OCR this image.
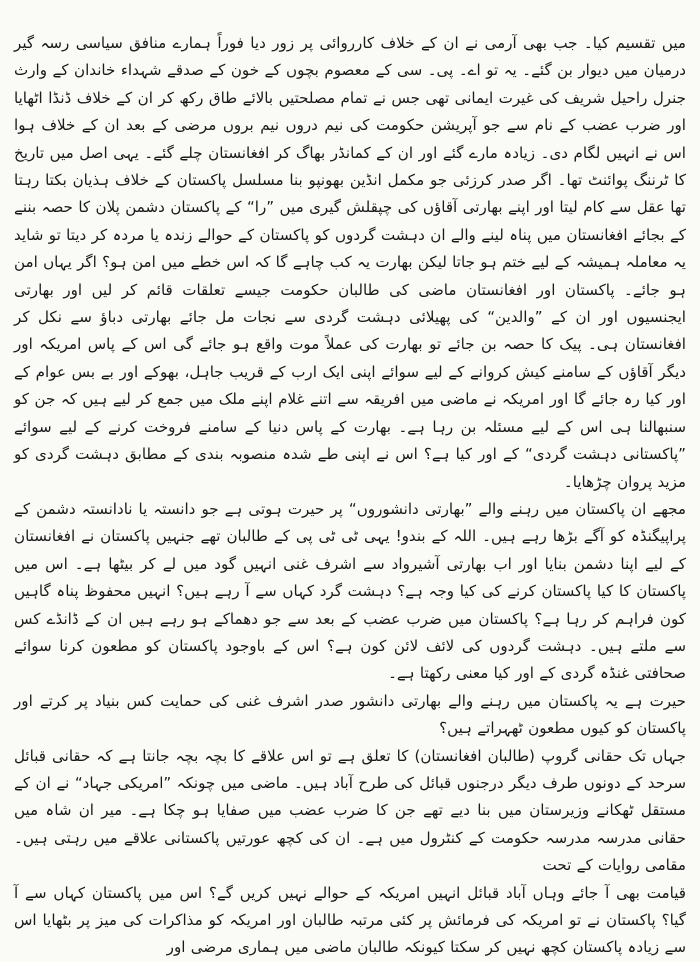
میں تقسیم کیا۔ جب بھی آرمی نے ان کے خلاف کارروائی پر زور دیا فوراً ہمارے منافق سیاسی رسہ گیر درمیان میں دیوار بن گئے۔ یہ تو اے۔ پی۔ سی کے معصوم بچوں کے خون کے صدقے شہداء خاندان کے وارث جنرل راحیل شریف کی غیرت ایمانی تھی جس نے تمام مصلحتیں بالائے طاق رکھ کر ان کے خلاف ڈنڈا اٹھایا اور ضرب عضب کے نام سے جو آپریشن حکومت کی نیم دروں نیم بروں مرضی کے بعد ان کے خلاف ہوا اس نے انہیں لگام دی۔ زیادہ مارے گئے اور ان کے کمانڈر بھاگ کر افغانستان چلے گئے۔ یہی اصل میں تاریخ کا ٹرننگ پوائنٹ تھا۔ اگر صدر کرزئی جو مکمل انڈین بھونپو بنا مسلسل پاکستان کے خلاف ہذیان بکتا رہتا تھا عقل سے کام لیتا اور اپنے بھارتی آقاؤں کی چپقلش گیری میں ”را“ کے پاکستان دشمن پلان کا حصہ بننے کے بجائے افغانستان میں پناہ لینے والے ان دہشت گردوں کو پاکستان کے حوالے زندہ یا مردہ کر دیتا تو شاید یہ معاملہ ہمیشہ کے لیے ختم ہو جاتا لیکن بھارت یہ کب چاہے گا کہ اس خطے میں امن ہو؟ اگر یہاں امن ہو جائے۔ پاکستان اور افغانستان ماضی کی طالبان حکومت جیسے تعلقات قائم کر لیں اور بھارتی ایجنسیوں اور ان کے ”والدین“ کی پھیلائی دہشت گردی سے نجات مل جائے بھارتی دباؤ سے نکل کر افغانستان ہی۔ پیک کا حصہ بن جائے تو بھارت کی عملاً موت واقع ہو جائے گی اس کے پاس امریکہ اور دیگر آقاؤں کے سامنے کیش کروانے کے لیے سوائے اپنی ایک ارب کے قریب جاہل، بھوکے اور بے بس عوام کے اور کیا رہ جائے گا اور امریکہ نے ماضی میں افریقہ سے اتنے غلام اپنے ملک میں جمع کر لیے ہیں کہ جن کو سنبھالنا ہی اس کے لیے مسئلہ بن رہا ہے۔ بھارت کے پاس دنیا کے سامنے فروخت کرنے کے لیے سوائے ”پاکستانی دہشت گردی“ کے اور کیا ہے؟ اس نے اپنی طے شدہ منصوبہ بندی کے مطابق دہشت گردی کو مزید پروان چڑھایا۔

مجھے ان پاکستان میں رہنے والے ”بھارتی دانشوروں“ پر حیرت ہوتی ہے جو دانستہ یا نادانستہ دشمن کے پراپیگنڈہ کو آگے بڑھا رہے ہیں۔ اللہ کے بندو! یہی ٹی ٹی پی کے طالبان تھے جنہیں پاکستان نے افغانستان کے لیے اپنا دشمن بنایا اور اب بھارتی آشیرواد سے اشرف غنی انہیں گود میں لے کر بیٹھا ہے۔ اس میں پاکستان کا کیا پاکستان کرنے کی کیا وجہ ہے؟ دہشت گرد کہاں سے آ رہے ہیں؟ انہیں محفوظ پناہ گاہیں کون فراہم کر رہا ہے؟ پاکستان میں ضرب عضب کے بعد سے جو دھماکے ہو رہے ہیں ان کے ڈانڈے کس سے ملتے ہیں۔ دہشت گردوں کی لائف لائن کون ہے؟ اس کے باوجود پاکستان کو مطعون کرنا سوائے صحافتی غنڈہ گردی کے اور کیا معنی رکھتا ہے۔

حیرت ہے یہ پاکستان میں رہنے والے بھارتی دانشور صدر اشرف غنی کی حمایت کس بنیاد پر کرتے اور پاکستان کو کیوں مطعون ٹھہراتے ہیں؟

جہاں تک حقانی گروپ (طالبان افغانستان) کا تعلق ہے تو اس علاقے کا بچہ بچہ جانتا ہے کہ حقانی قبائل سرحد کے دونوں طرف دیگر درجنوں قبائل کی طرح آباد ہیں۔ ماضی میں چونکہ ”امریکی جہاد“ نے ان کے مستقل ٹھکانے وزیرستان میں بنا دیے تھے جن کا ضرب عضب میں صفایا ہو چکا ہے۔ میر ان شاہ میں حقانی مدرسہ مدرسہ حکومت کے کنٹرول میں ہے۔ ان کی کچھ عورتیں پاکستانی علاقے میں رہتی ہیں۔ مقامی روایات کے تحت

قیامت بھی آ جائے وہاں آباد قبائل انہیں امریکہ کے حوالے نہیں کریں گے؟ اس میں پاکستان کہاں سے آ گیا؟ پاکستان نے تو امریکہ کی فرمائش پر کئی مرتبہ طالبان اور امریکہ کو مذاکرات کی میز پر بٹھایا اس سے زیادہ پاکستان کچھ نہیں کر سکتا کیونکہ طالبان ماضی میں ہماری مرضی اور
